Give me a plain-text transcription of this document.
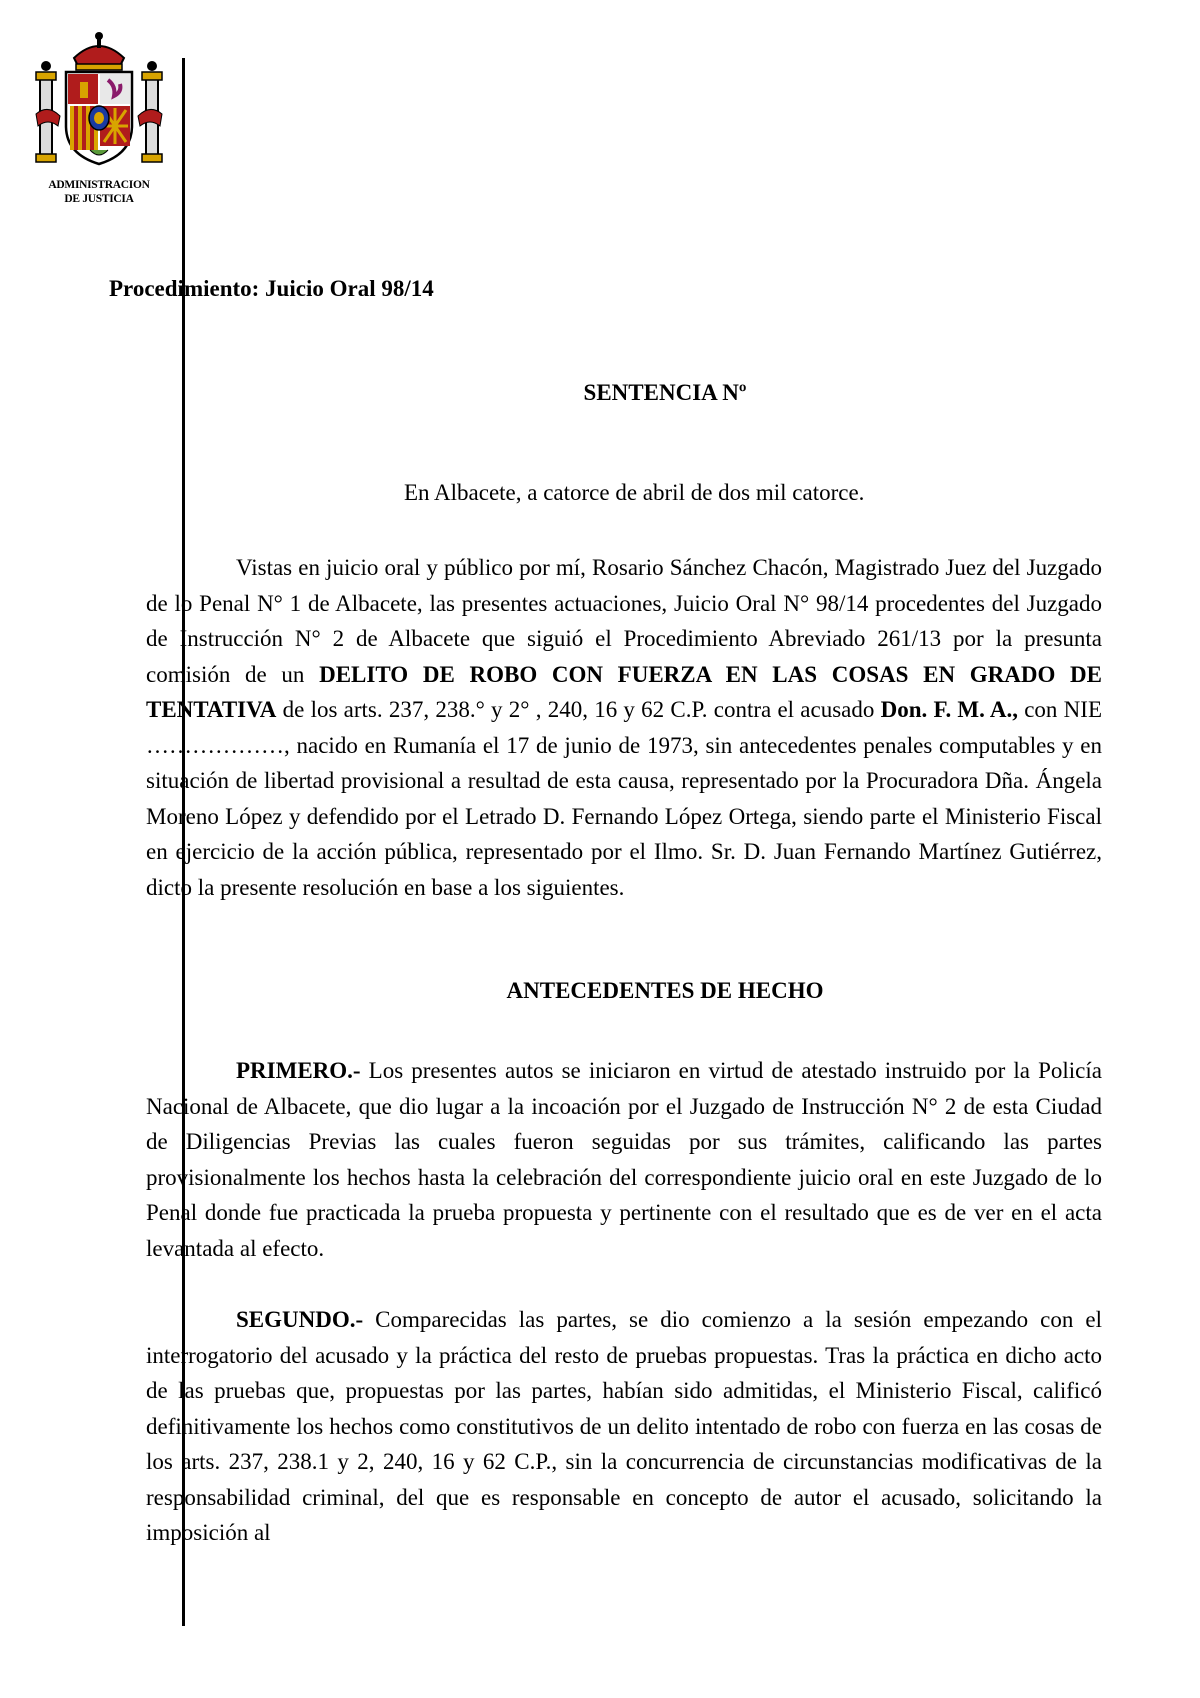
ADMINISTRACION
DE JUSTICIA
Procedimiento: Juicio Oral 98/14
SENTENCIA Nº
En Albacete, a catorce de abril de dos mil catorce.

Vistas en juicio oral y público por mí, Rosario Sánchez Chacón, Magistrado Juez del Juzgado de lo Penal N° 1 de Albacete, las presentes actuaciones, Juicio Oral N° 98/14 procedentes del Juzgado de Instrucción N° 2 de Albacete que siguió el Procedimiento Abreviado 261/13 por la presunta comisión de un DELITO DE ROBO CON FUERZA EN LAS COSAS EN GRADO DE TENTATIVA de los arts. 237, 238.° y 2° , 240, 16 y 62 C.P. contra el acusado Don. F. M. A., con NIE ………………, nacido en Rumanía el 17 de junio de 1973, sin antecedentes penales computables y en situación de libertad provisional a resultad de esta causa, representado por la Procuradora Dña. Ángela Moreno López y defendido por el Letrado D. Fernando López Ortega, siendo parte el Ministerio Fiscal en ejercicio de la acción pública, representado por el Ilmo. Sr. D. Juan Fernando Martínez Gutiérrez, dicto la presente resolución en base a los siguientes.

ANTECEDENTES DE HECHO

PRIMERO.- Los presentes autos se iniciaron en virtud de atestado instruido por la Policía Nacional de Albacete, que dio lugar a la incoación por el Juzgado de Instrucción N° 2 de esta Ciudad de Diligencias Previas las cuales fueron seguidas por sus trámites, calificando las partes provisionalmente los hechos hasta la celebración del correspondiente juicio oral en este Juzgado de lo Penal donde fue practicada la prueba propuesta y pertinente con el resultado que es de ver en el acta levantada al efecto.

SEGUNDO.- Comparecidas las partes, se dio comienzo a la sesión empezando con el interrogatorio del acusado y la práctica del resto de pruebas propuestas. Tras la práctica en dicho acto de las pruebas que, propuestas por las partes, habían sido admitidas, el Ministerio Fiscal, calificó definitivamente los hechos como constitutivos de un delito intentado de robo con fuerza en las cosas de los arts. 237, 238.1 y 2, 240, 16 y 62 C.P., sin la concurrencia de circunstancias modificativas de la responsabilidad criminal, del que es responsable en concepto de autor el acusado, solicitando la imposición al
